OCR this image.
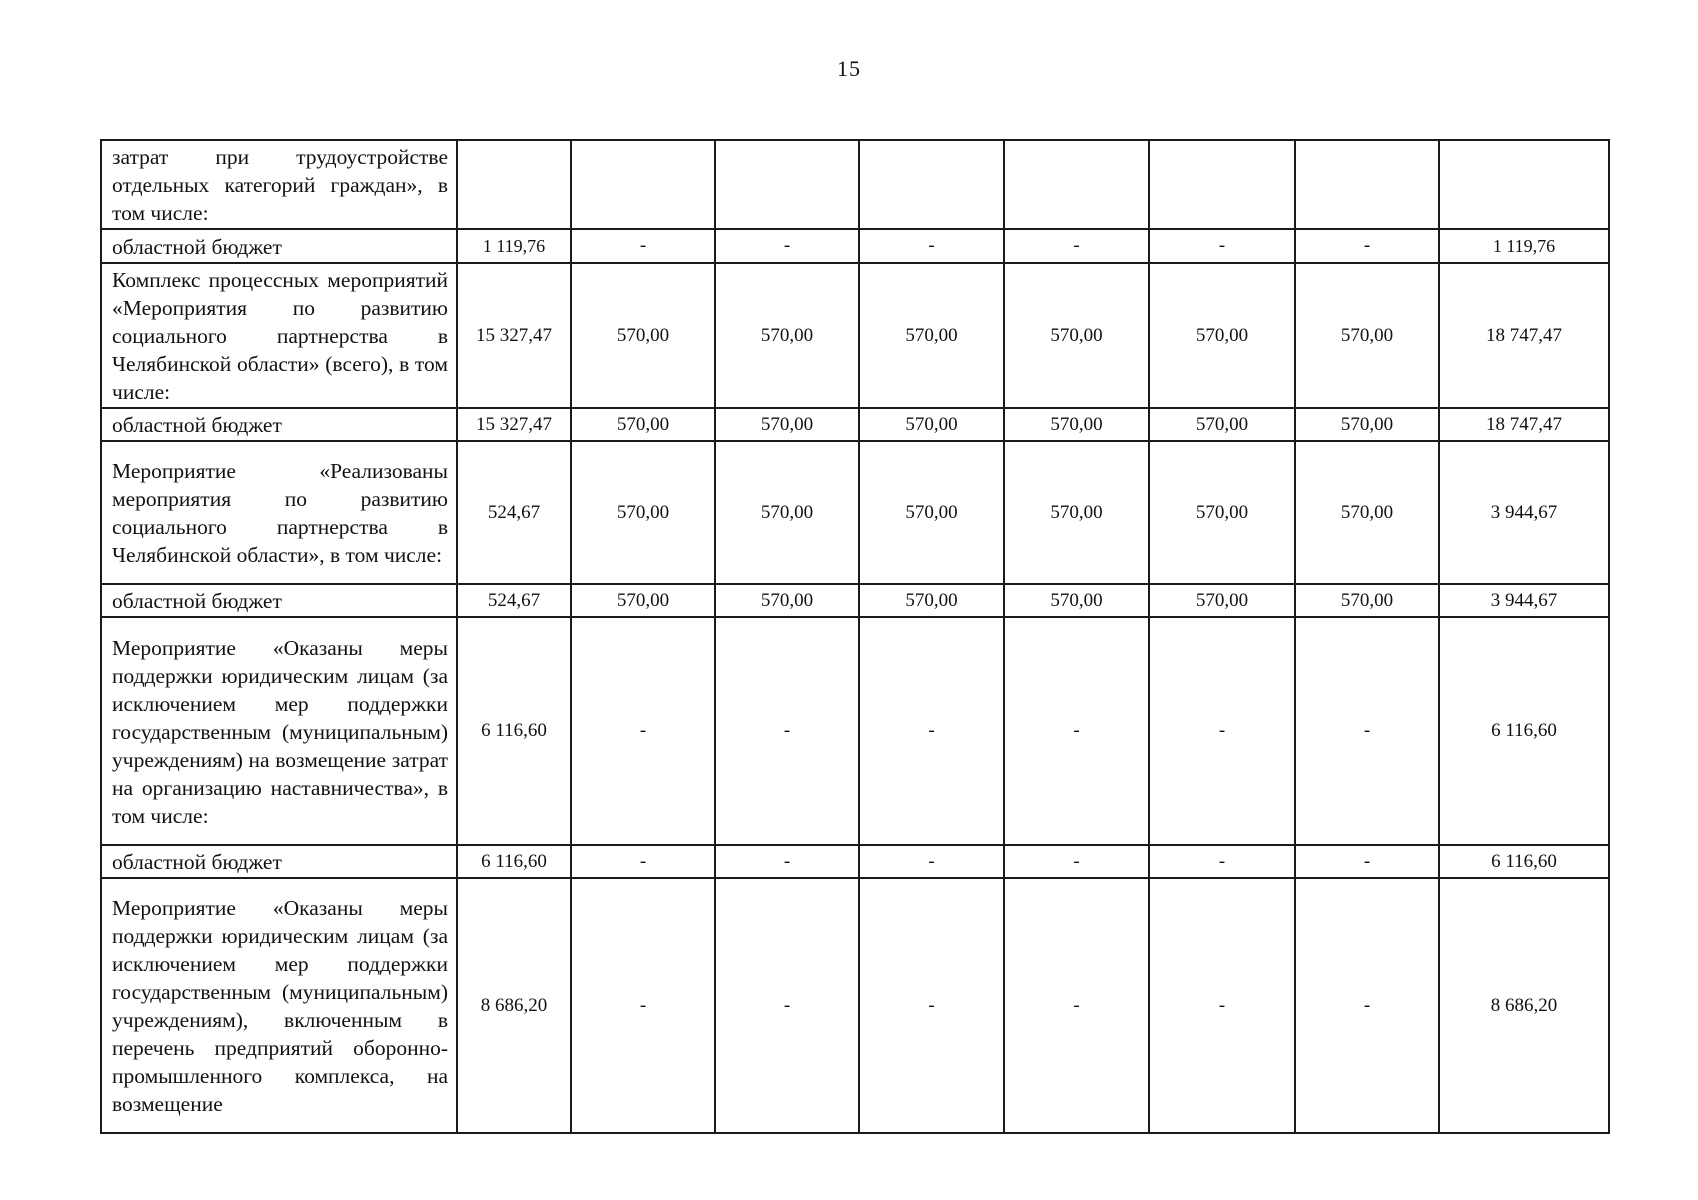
15
затрат при трудоустройстве отдельных категорий граждан», в том числе:								
областной бюджет	1 119,76	-	-	-	-	-	-	1 119,76
Комплекс процессных мероприятий «Мероприятия по развитию социального партнерства в Челябинской области» (всего), в том числе:	15 327,47	570,00	570,00	570,00	570,00	570,00	570,00	18 747,47
областной бюджет	15 327,47	570,00	570,00	570,00	570,00	570,00	570,00	18 747,47
Мероприятие «Реализованы мероприятия по развитию социального партнерства в Челябинской области», в том числе:	524,67	570,00	570,00	570,00	570,00	570,00	570,00	3 944,67
областной бюджет	524,67	570,00	570,00	570,00	570,00	570,00	570,00	3 944,67
Мероприятие «Оказаны меры поддержки юридическим лицам (за исключением мер поддержки государственным (муниципальным) учреждениям) на возмещение затрат на организацию наставничества», в том числе:	6 116,60	-	-	-	-	-	-	6 116,60
областной бюджет	6 116,60	-	-	-	-	-	-	6 116,60
Мероприятие «Оказаны меры поддержки юридическим лицам (за исключением мер поддержки государственным (муниципальным) учреждениям), включенным в перечень предприятий оборонно-промышленного комплекса, на возмещение	8 686,20	-	-	-	-	-	-	8 686,20
